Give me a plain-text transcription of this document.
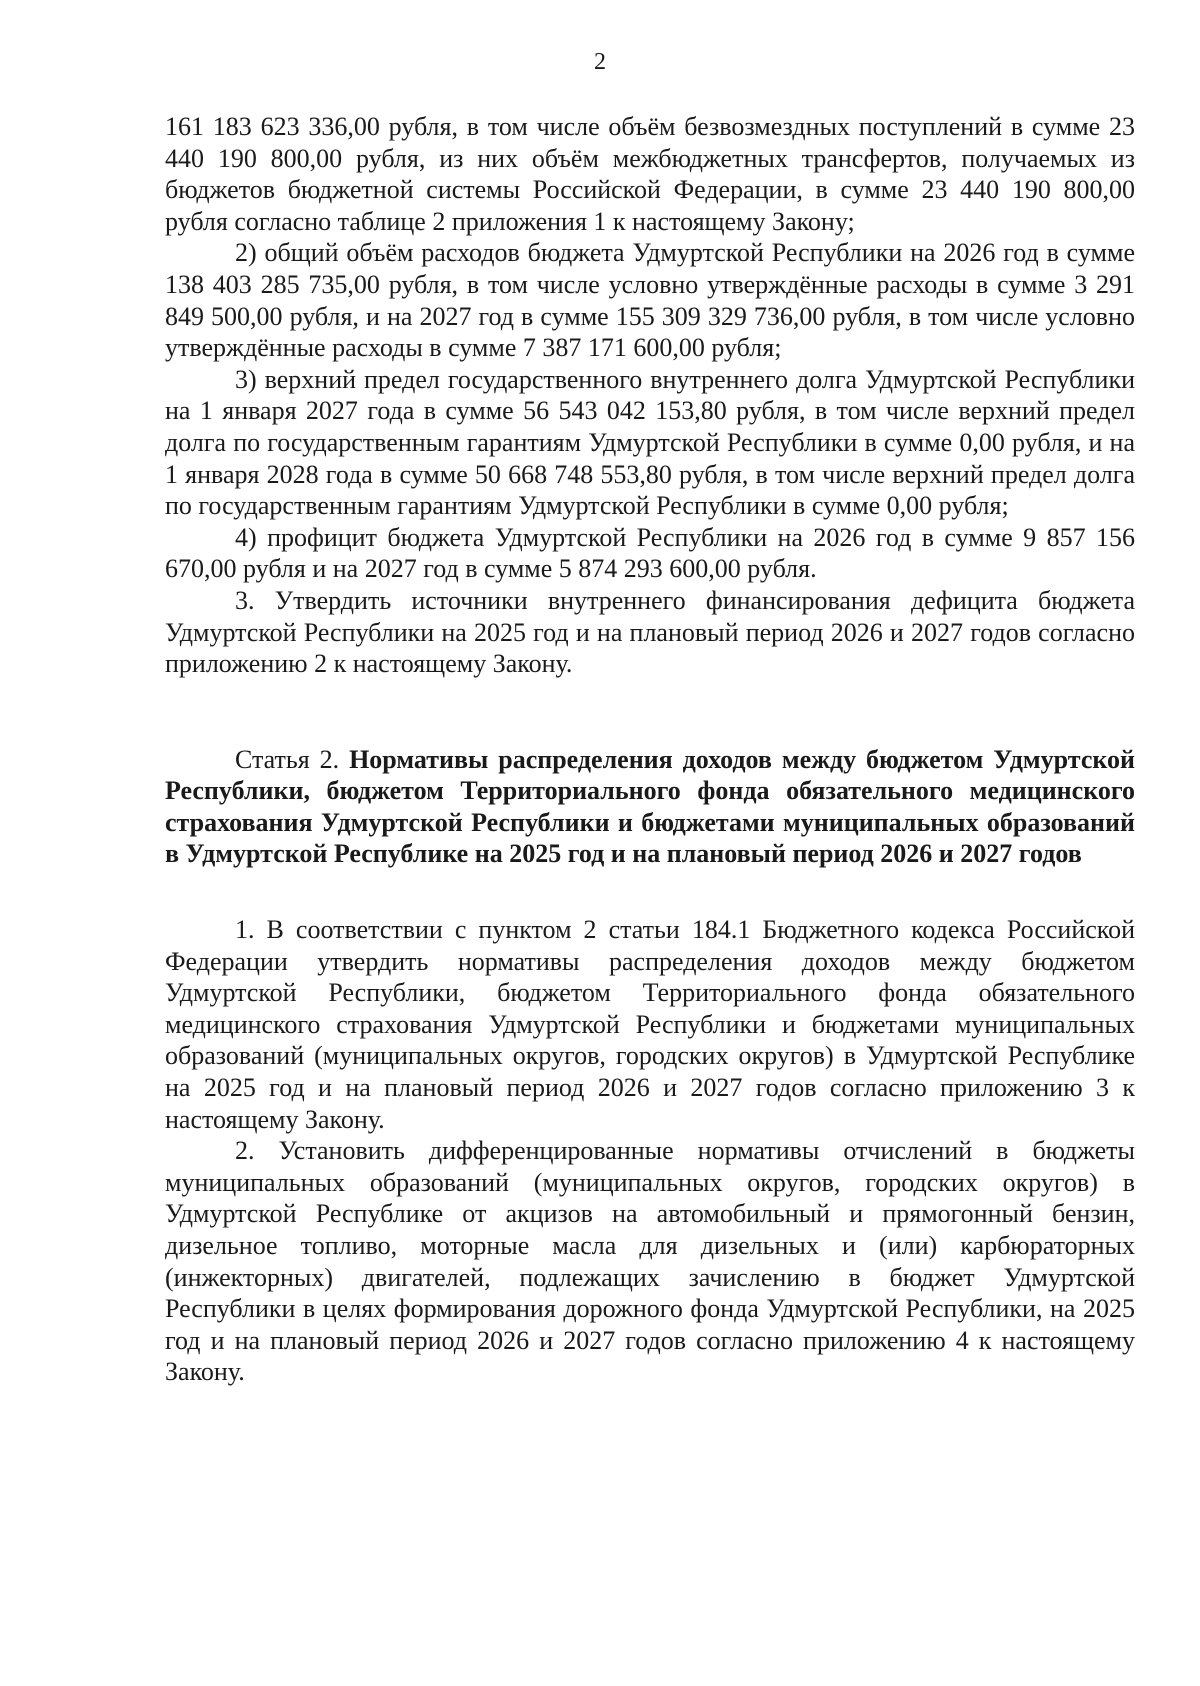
2

161 183 623 336,00 рубля, в том числе объём безвозмездных поступлений в сумме 23 440 190 800,00 рубля, из них объём межбюджетных трансфертов, получаемых из бюджетов бюджетной системы Российской Федерации, в сумме 23 440 190 800,00 рубля согласно таблице 2 приложения 1 к настоящему Закону;

2) общий объём расходов бюджета Удмуртской Республики на 2026 год в сумме 138 403 285 735,00 рубля, в том числе условно утверждённые расходы в сумме 3 291 849 500,00 рубля, и на 2027 год в сумме 155 309 329 736,00 рубля, в том числе условно утверждённые расходы в сумме 7 387 171 600,00 рубля;

3) верхний предел государственного внутреннего долга Удмуртской Республики на 1 января 2027 года в сумме 56 543 042 153,80 рубля, в том числе верхний предел долга по государственным гарантиям Удмуртской Республики в сумме 0,00 рубля, и на 1 января 2028 года в сумме 50 668 748 553,80 рубля, в том числе верхний предел долга по государственным гарантиям Удмуртской Республики в сумме 0,00 рубля;

4) профицит бюджета Удмуртской Республики на 2026 год в сумме 9 857 156 670,00 рубля и на 2027 год в сумме 5 874 293 600,00 рубля.

3. Утвердить источники внутреннего финансирования дефицита бюджета Удмуртской Республики на 2025 год и на плановый период 2026 и 2027 годов согласно приложению 2 к настоящему Закону.

Статья 2. Нормативы распределения доходов между бюджетом Удмуртской Республики, бюджетом Территориального фонда обязательного медицинского страхования Удмуртской Республики и бюджетами муниципальных образований в Удмуртской Республике на 2025 год и на плановый период 2026 и 2027 годов

1. В соответствии с пунктом 2 статьи 184.1 Бюджетного кодекса Российской Федерации утвердить нормативы распределения доходов между бюджетом Удмуртской Республики, бюджетом Территориального фонда обязательного медицинского страхования Удмуртской Республики и бюджетами муниципальных образований (муниципальных округов, городских округов) в Удмуртской Республике на 2025 год и на плановый период 2026 и 2027 годов согласно приложению 3 к настоящему Закону.

2. Установить дифференцированные нормативы отчислений в бюджеты муниципальных образований (муниципальных округов, городских округов) в Удмуртской Республике от акцизов на автомобильный и прямогонный бензин, дизельное топливо, моторные масла для дизельных и (или) карбюраторных (инжекторных) двигателей, подлежащих зачислению в бюджет Удмуртской Республики в целях формирования дорожного фонда Удмуртской Республики, на 2025 год и на плановый период 2026 и 2027 годов согласно приложению 4 к настоящему Закону.
